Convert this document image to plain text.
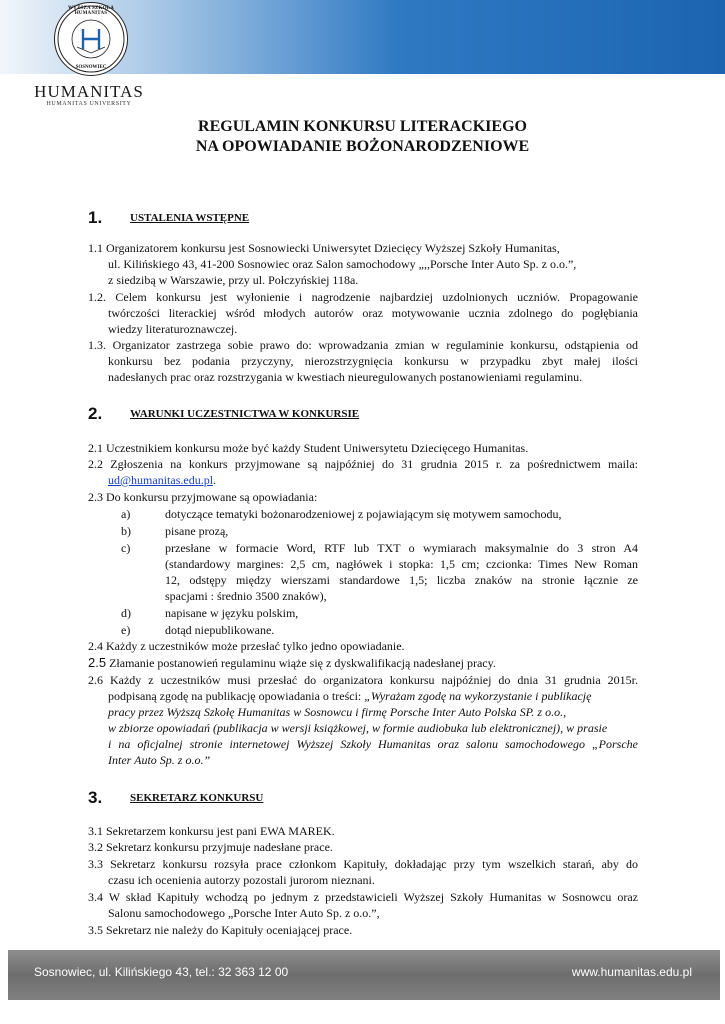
WYŻSZA SZKOŁA HUMANITAS
SOSNOWIEC
HUMANITAS
HUMANITAS UNIVERSITY
REGULAMIN KONKURSU LITERACKIEGO
NA OPOWIADANIE BOŻONARODZENIOWE
1.	USTALENIA WSTĘPNE
1.1 Organizatorem konkursu jest Sosnowiecki Uniwersytet Dziecięcy Wyższej Szkoły Humanitas,
ul. Kilińskiego 43, 41-200 Sosnowiec oraz Salon samochodowy „,,Porsche Inter Auto Sp. z o.o.”,
z siedzibą w Warszawie, przy ul. Połczyński​ej 118a.
1.2. Celem konkursu jest wyłonienie i nagrodzenie najbardziej uzdolnionych uczniów. Propagowanie
twórczości literackiej wśród młodych autorów oraz motywowanie uczniа zdolnego do pogłębiania
wiedzy literaturoznawczej.
1.3. Organizator zastrzega sobie prawo do: wprowadzania zmian w regulaminie konkursu, odstąpienia od
konkursu bez podania przyczyny, nierozstrzygnięcia konkursu w przypadku zbyt małej ilości
nadesłanych prac oraz rozstrzygania w kwestiach nieuregulowanych postanowieniami regulaminu.
2.	WARUNKI UCZESTNICTWA W KONKURSIE
2.1 Uczestnikiem konkursu może być każdy Student Uniwersytetu Dziecięcego Humanitas.
2.2 Zgłoszenia na konkurs przyjmowane są najpóźniej do 31 grudnia 2015 r. za pośrednictwem maila:
ud@humanitas.edu.pl.
2.3 Do konkursu przyjmowane są opowiadania:
a)	dotyczące tematyki bożonarodzeniowej z pojawiającym się motywem samochodu,
b)	pisane prozą,
c)	przesłane w formacie Word, RTF lub TXT o wymiarach maksymalnie do 3 stron A4
(standardowy margines: 2,5 cm, nagłówek i stopka: 1,5 cm; czcionka: Times New Roman
12, odstępy między wierszami standardowe 1,5; liczba znaków na stronie łącznie ze
spacjami : średnio 3500 znaków),
d)	napisane w języku polskim,
e)	dotąd niepublikowane.
2.4 Każdy z uczestników może przesłać tylko jedno opowiadanie.
2.5 Złamanie postanowień regulaminu wiąże się z dyskwalifikacją nadesłanej prac​y.
2.6 Każdy z uczestników musi przesłać do organizatora konkursu najpóźniej do dnia 31 grudnia 2015r.
podpisaną zgodę na publikację opowiadania o treści: „Wyrażam zgodę na wykorzystanie i publikację
pracy przez Wyższą Szkołę Humanitas w Sosnowcu i firmę Porsche Inter Auto Polska SP. z o.o.,
w zbiorze opowiadań (publikacja w wersji książkowej, w formie audiobuka lub elektronicznej), w prasie
i na oficjalnej stronie internetowej Wyższej Szkoły Humanitas oraz salonu samochodowego „Porsche
Inter Auto Sp. z o.o.”
3.	SEKRETARZ KONKURSU
3.1 Sekretarzem konkursu jest pani EWA MAREK.
3.2 Sekretarz konkursu przyjmuje nadesłane prace.
3.3 Sekretarz konkursu rozsyła prace członkom Kapituły, dokładając przy tym wszelkich starań, aby do
czasu ich ocenienia autorzy pozostali jurorom nieznani.
3.4 W skład Kapituły wchodzą po jednym z przedstawicieli Wyższej Szkoły Humanitas w Sosnowcu oraz
Salonu samochodowego „Porsche Inter Auto Sp. z o.o.”,
3.5 Sekretarz nie należy do Kapituły oceniającej prace.
Sosnowiec, ul. Kilińskiego 43, tel.: 32 363 12 00	www.humanitas.edu.pl
